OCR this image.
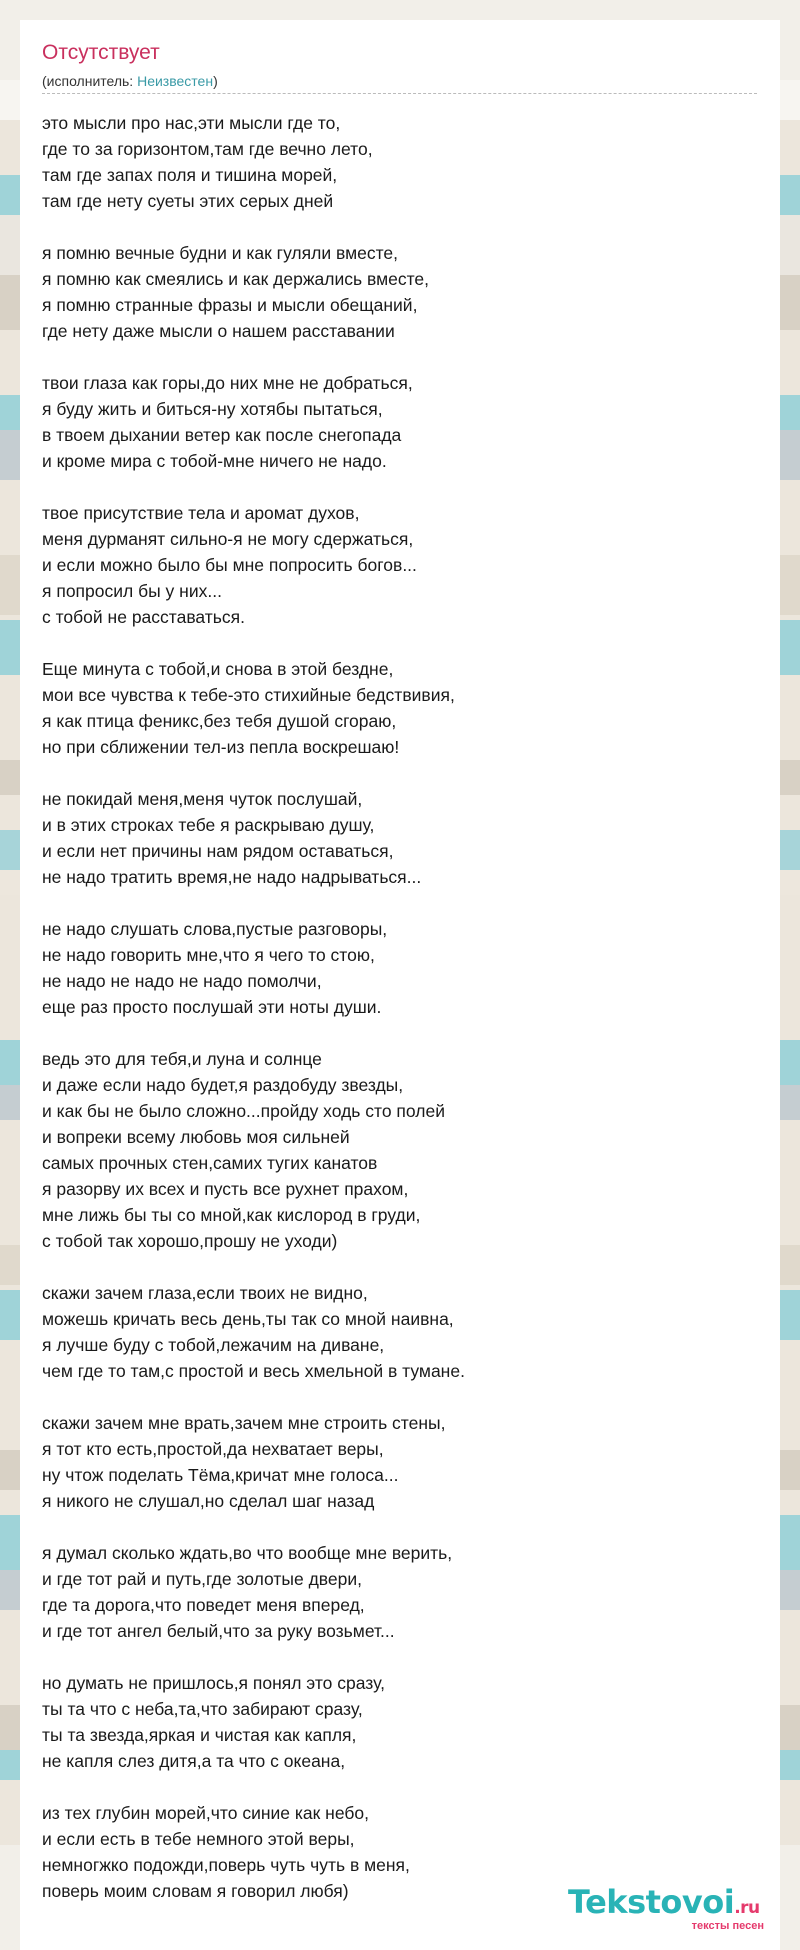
Отсутствует
(исполнитель: Неизвестен)
это мысли про нас,эти мысли где то,
где то за горизонтом,там где вечно лето,
там где запах поля и тишина морей,
там где нету суеты этих серых дней
я помню вечные будни и как гуляли вместе,
я помню как смеялись и как держались вместе,
я помню странные фразы и мысли обещаний,
где нету даже мысли о нашем расставании
твои глаза как горы,до них мне не добраться,
я буду жить и биться-ну хотябы пытаться,
в твоем дыхании ветер как после снегопада
и кроме мира с тобой-мне ничего не надо.
твое присутствие тела и аромат духов,
меня дурманят сильно-я не могу сдержаться,
и если можно было бы мне попросить богов...
я попросил бы у них...
с тобой не расставаться.
Еще минута с тобой,и снова в этой бездне,
мои все чувства к тебе-это стихийные бедствивия,
я как птица феникс,без тебя душой сгораю,
но при сближении тел-из пепла воскрешаю!
не покидай меня,меня чуток послушай,
и в этих строках тебе я раскрываю душу,
и если нет причины нам рядом оставаться,
не надо тратить время,не надо надрываться...
не надо слушать слова,пустые разговоры,
не надо говорить мне,что я чего то стою,
не надо не надо не надо помолчи,
еще раз просто послушай эти ноты души.
ведь это для тебя,и луна и солнце
и даже если надо будет,я раздобуду звезды,
и как бы не было сложно...пройду ходь сто полей
и вопреки всему любовь моя сильней
самых прочных стен,самих тугих канатов
я разорву их всех и пусть все рухнет прахом,
мне лижь бы ты со мной,как кислород в груди,
с тобой так хорошо,прошу не уходи)
скажи зачем глаза,если твоих не видно,
можешь кричать весь день,ты так со мной наивна,
я лучше буду с тобой,лежачим на диване,
чем где то там,с простой и весь хмельной в тумане.
скажи зачем мне врать,зачем мне строить стены,
я тот кто есть,простой,да нехватает веры,
ну чтож поделать Тёма,кричат мне голоса...
я никого не слушал,но сделал шаг назад
я думал сколько ждать,во что вообще мне верить,
и где тот рай и путь,где золотые двери,
где та дорога,что поведет меня вперед,
и где тот ангел белый,что за руку возьмет...
но думать не пришлось,я понял это сразу,
ты та что с неба,та,что забирают сразу,
ты та звезда,яркая и чистая как капля,
не капля слез дитя,а та что с океана,
из тех глубин морей,что синие как небо,
и если есть в тебе немного этой веры,
немногжко подожди,поверь чуть чуть в меня,
поверь моим словам я говорил любя)	Tekstovoi.ru
тексты песен
